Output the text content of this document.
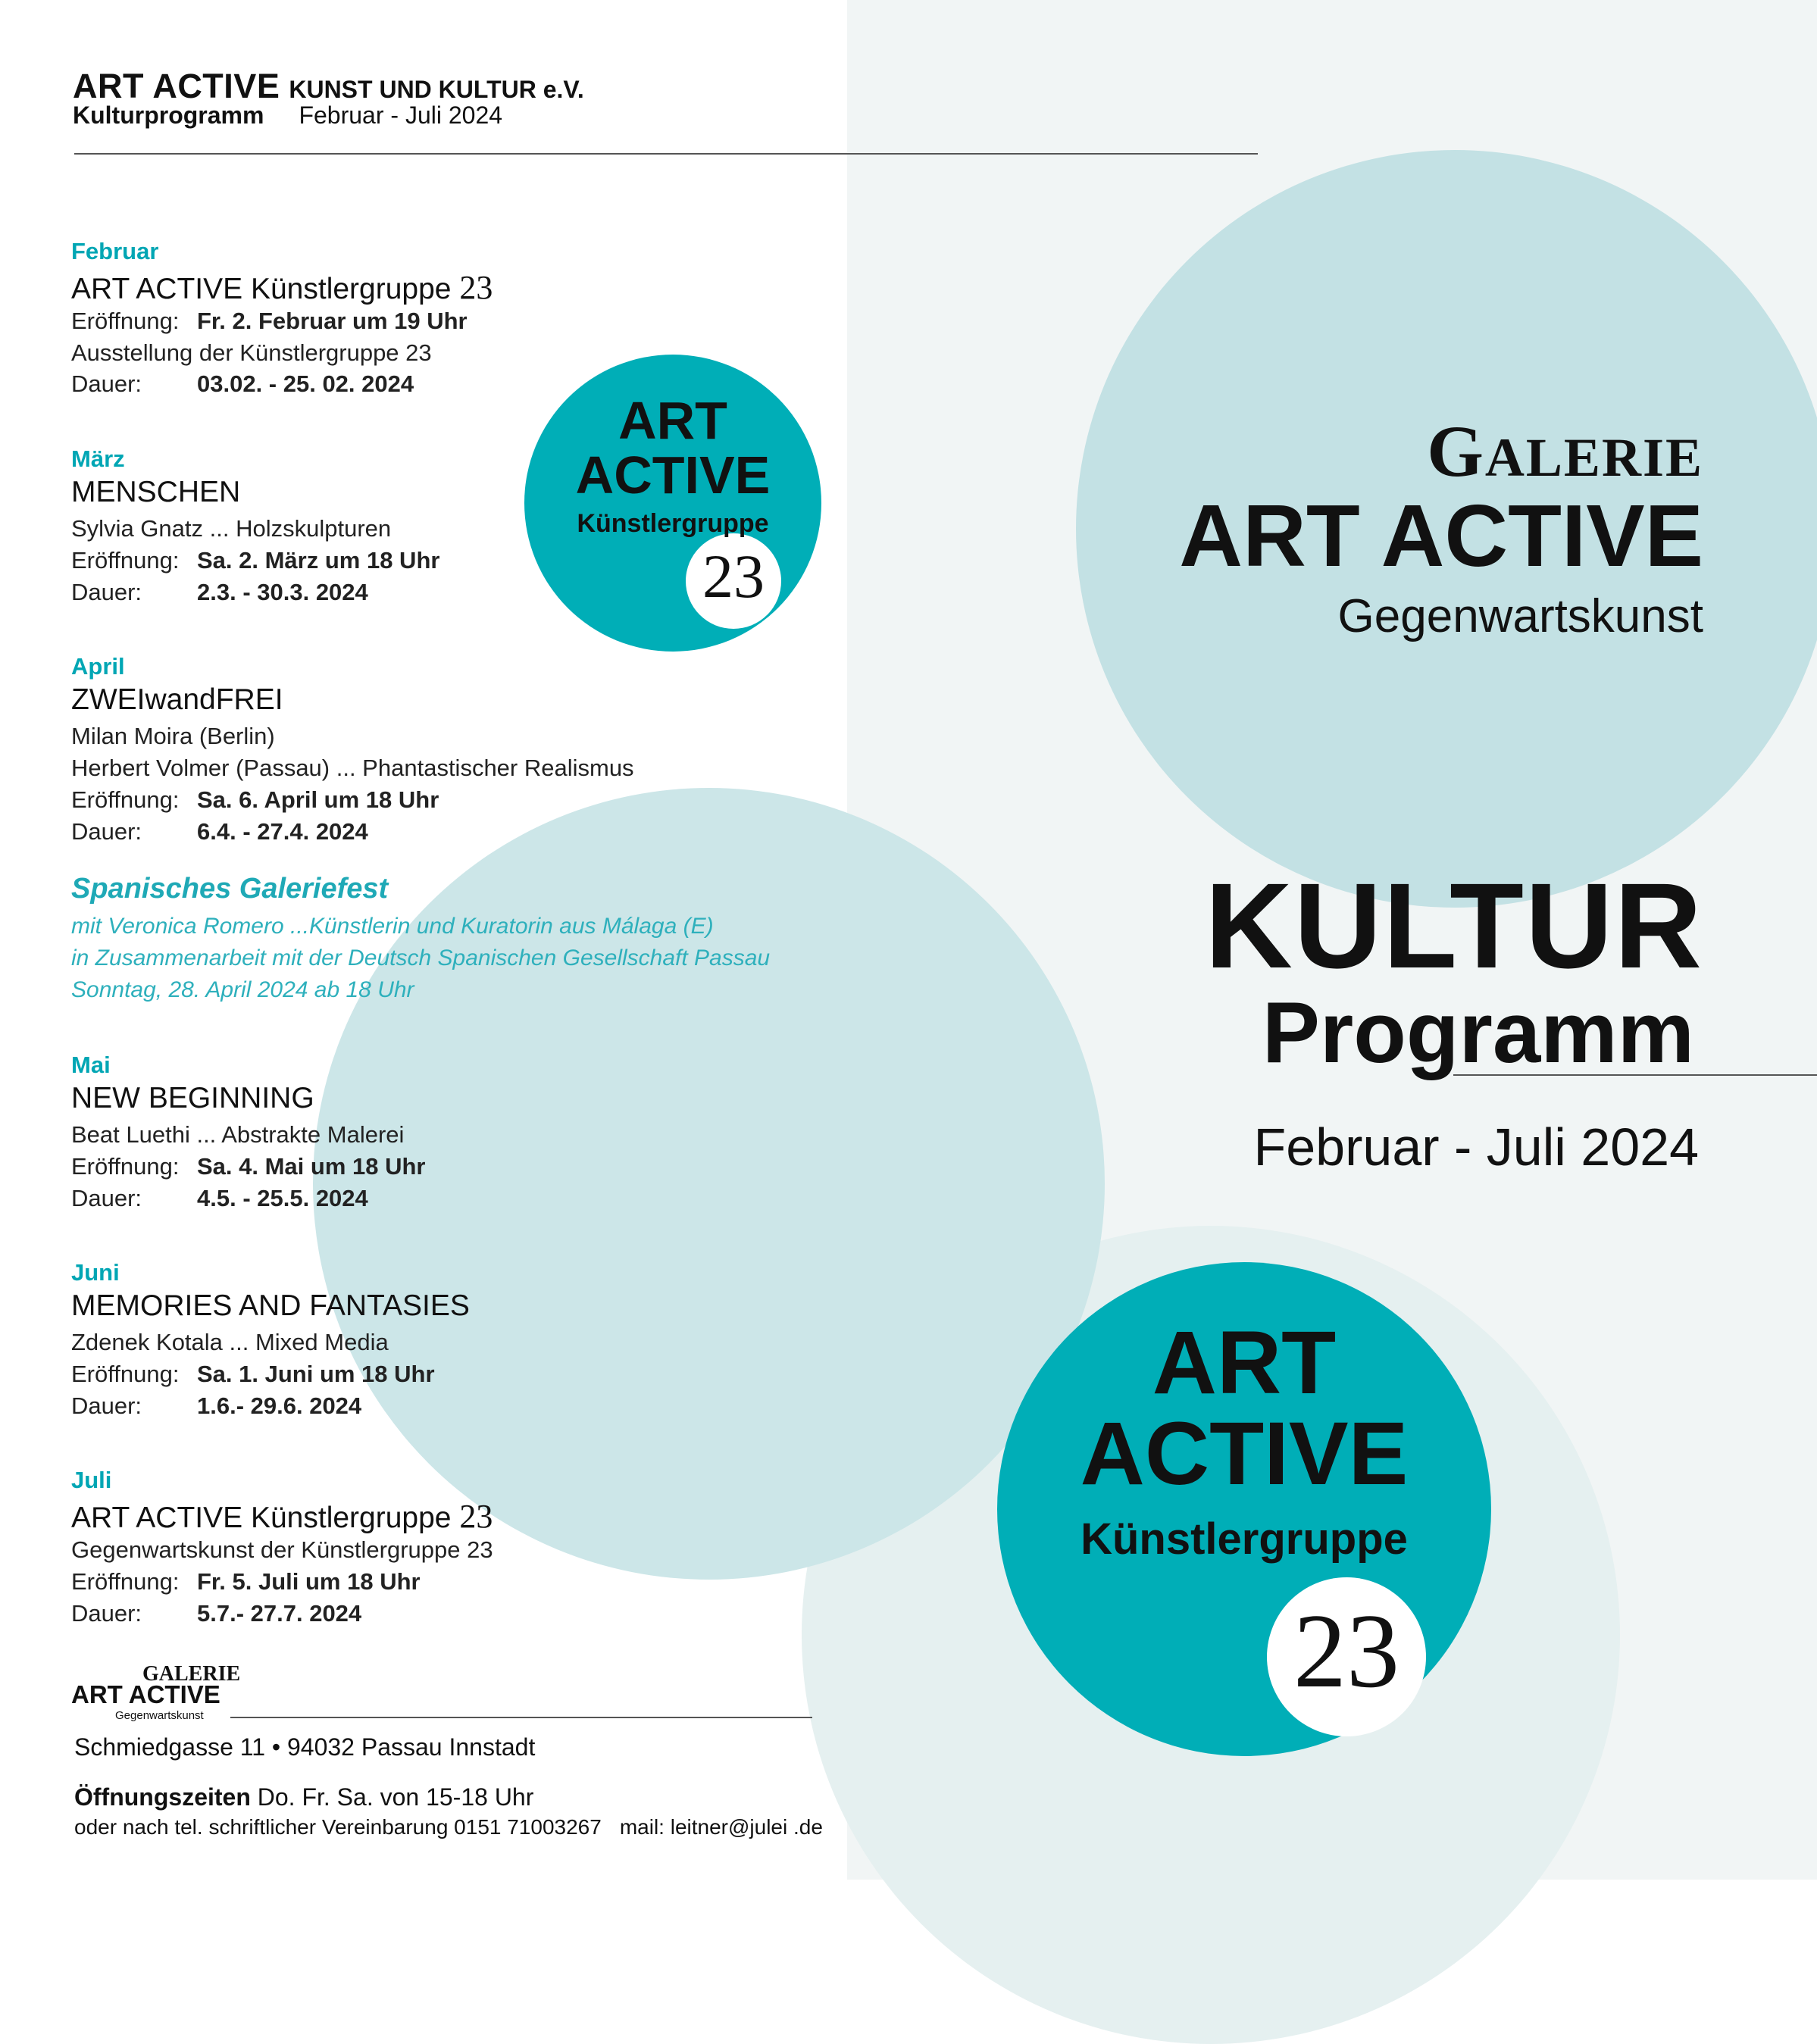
ART ACTIVE KUNST UND KULTUR e.V.
Kulturprogramm Februar - Juli 2024
Februar
ART ACTIVE Künstlergruppe 23
Eröffnung: Fr. 2. Februar um 19 Uhr
Ausstellung der Künstlergruppe 23
Dauer: 03.02. - 25. 02. 2024
März
MENSCHEN
Sylvia Gnatz ... Holzskulpturen
Eröffnung: Sa. 2. März um 18 Uhr
Dauer: 2.3. - 30.3. 2024
April
ZWEIwandFREI
Milan Moira (Berlin)
Herbert Volmer (Passau) ... Phantastischer Realismus
Eröffnung: Sa. 6. April um 18 Uhr
Dauer: 6.4. - 27.4. 2024
Spanisches Galeriefest
mit Veronica Romero ...Künstlerin und Kuratorin aus Málaga (E)
in Zusammenarbeit mit der Deutsch Spanischen Gesellschaft Passau
Sonntag, 28. April 2024 ab 18 Uhr
Mai
NEW BEGINNING
Beat Luethi ... Abstrakte Malerei
Eröffnung: Sa. 4. Mai um 18 Uhr
Dauer: 4.5. - 25.5. 2024
Juni
MEMORIES AND FANTASIES
Zdenek Kotala ... Mixed Media
Eröffnung: Sa. 1. Juni um 18 Uhr
Dauer: 1.6.- 29.6. 2024
Juli
ART ACTIVE Künstlergruppe 23
Gegenwartskunst der Künstlergruppe 23
Eröffnung: Fr. 5. Juli um 18 Uhr
Dauer: 5.7.- 27.7. 2024
ART
ACTIVE
Künstlergruppe
23
GALERIE
ART ACTIVE
Gegenwartskunst
KULTUR
Programm
Februar - Juli 2024
ART
ACTIVE
Künstlergruppe
23
GALERIE
ART ACTIVE
Gegenwartskunst
Schmiedgasse 11 • 94032 Passau Innstadt
Öffnungszeiten Do. Fr. Sa. von 15-18 Uhr
oder nach tel. schriftlicher Vereinbarung 0151 71003267 mail: leitner@julei .de
